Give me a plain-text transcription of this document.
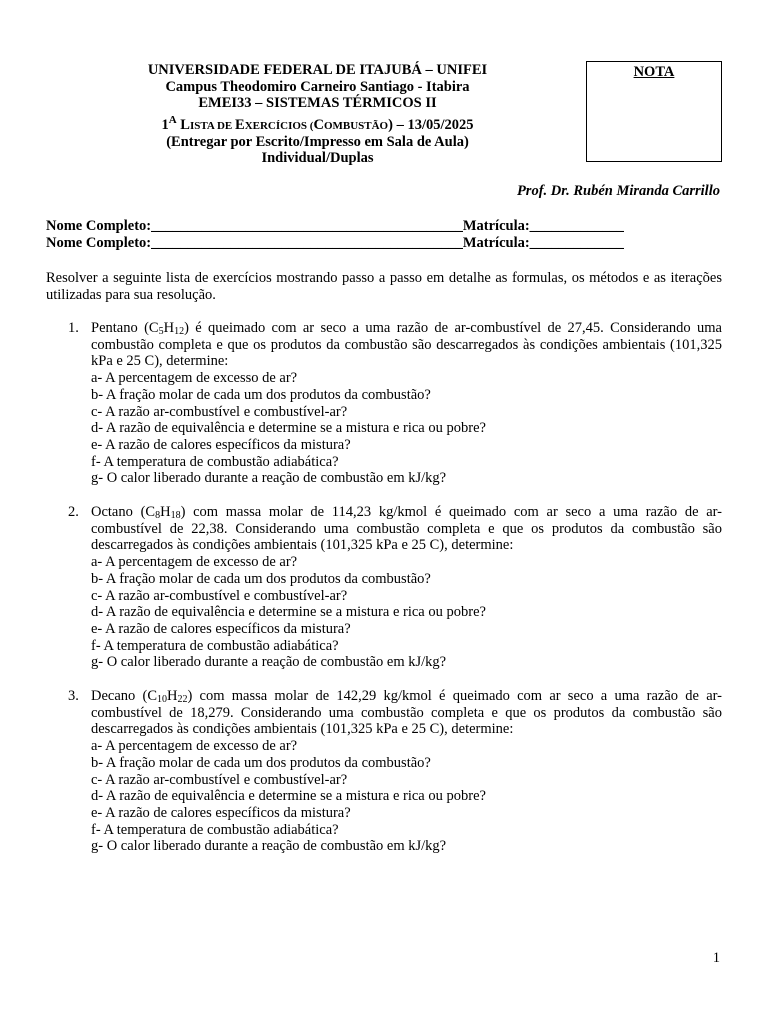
UNIVERSIDADE FEDERAL DE ITAJUBÁ – UNIFEI
Campus Theodomiro Carneiro Santiago - Itabira
EMEI33 – SISTEMAS TÉRMICOS II
$1^A$ LISTA DE EXERCÍCIOS (COMBUSTÃO) – 13/05/2025
(Entregar por Escrito/Impresso em Sala de Aula)
Individual/Duplas
NOTA
Prof. Dr. Rubén Miranda Carrillo
Nome Completo:___________________________________________Matrícula:_____________
Nome Completo:___________________________________________Matrícula:_____________
Resolver a seguinte lista de exercícios mostrando passo a passo em detalhe as formulas, os métodos e as iterações utilizadas para sua resolução.
1. Pentano $(C_5H_{12})$ é queimado com ar seco a uma razão de ar-combustível de 27,45. Considerando uma combustão completa e que os produtos da combustão são descarregados às condições ambientais (101,325 kPa e 25 C), determine:
a- A percentagem de excesso de ar?
b- A fração molar de cada um dos produtos da combustão?
c- A razão ar-combustível e combustível-ar?
d- A razão de equivalência e determine se a mistura e rica ou pobre?
e- A razão de calores específicos da mistura?
f- A temperatura de combustão adiabática?
g- O calor liberado durante a reação de combustão em kJ/kg?
2. Octano $(C_8H_{18})$ com massa molar de 114,23 kg/kmol é queimado com ar seco a uma razão de ar-combustível de 22,38. Considerando uma combustão completa e que os produtos da combustão são descarregados às condições ambientais (101,325 kPa e 25 C), determine:
a- A percentagem de excesso de ar?
b- A fração molar de cada um dos produtos da combustão?
c- A razão ar-combustível e combustível-ar?
d- A razão de equivalência e determine se a mistura e rica ou pobre?
e- A razão de calores específicos da mistura?
f- A temperatura de combustão adiabática?
g- O calor liberado durante a reação de combustão em kJ/kg?
3. Decano $(C_{10}H_{22})$ com massa molar de 142,29 kg/kmol é queimado com ar seco a uma razão de ar-combustível de 18,279. Considerando uma combustão completa e que os produtos da combustão são descarregados às condições ambientais (101,325 kPa e 25 C), determine:
a- A percentagem de excesso de ar?
b- A fração molar de cada um dos produtos da combustão?
c- A razão ar-combustível e combustível-ar?
d- A razão de equivalência e determine se a mistura e rica ou pobre?
e- A razão de calores específicos da mistura?
f- A temperatura de combustão adiabática?
g- O calor liberado durante a reação de combustão em kJ/kg?
1
